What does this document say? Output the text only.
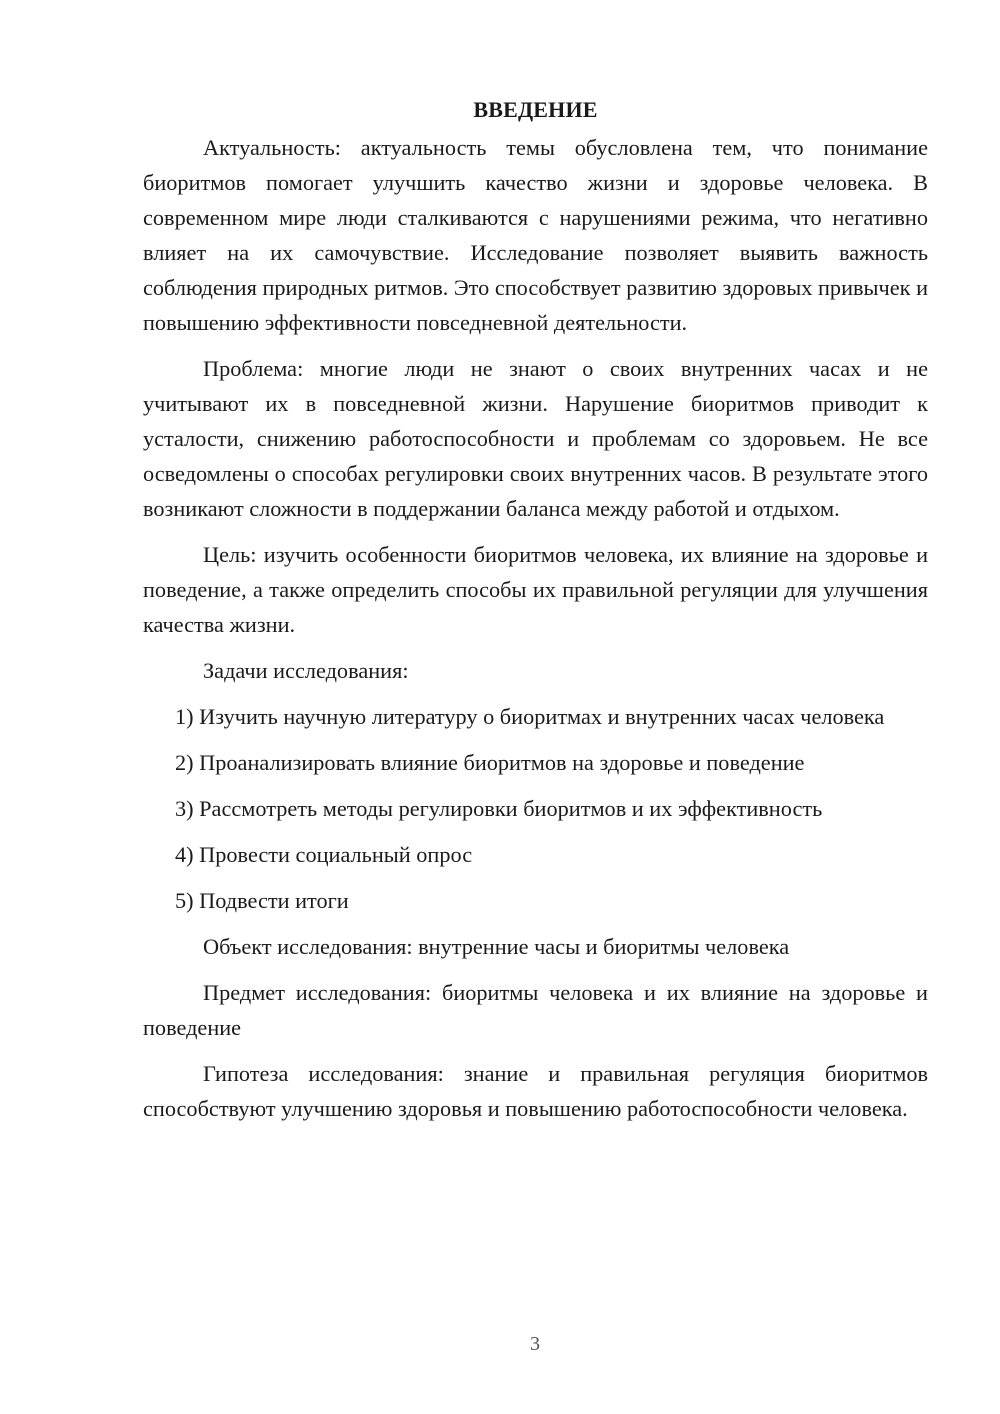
ВВЕДЕНИЕ

Актуальность: актуальность темы обусловлена тем, что понимание биоритмов помогает улучшить качество жизни и здоровье человека. В современном мире люди сталкиваются с нарушениями режима, что негативно влияет на их самочувствие. Исследование позволяет выявить важность соблюдения природных ритмов. Это способствует развитию здоровых привычек и повышению эффективности повседневной деятельности.

Проблема: многие люди не знают о своих внутренних часах и не учитывают их в повседневной жизни. Нарушение биоритмов приводит к усталости, снижению работоспособности и проблемам со здоровьем. Не все осведомлены о способах регулировки своих внутренних часов. В результате этого возникают сложности в поддержании баланса между работой и отдыхом.

Цель: изучить особенности биоритмов человека, их влияние на здоровье и поведение, а также определить способы их правильной регуляции для улучшения качества жизни.

Задачи исследования:

1) Изучить научную литературу о биоритмах и внутренних часах человека

2) Проанализировать влияние биоритмов на здоровье и поведение

3) Рассмотреть методы регулировки биоритмов и их эффективность

4) Провести социальный опрос

5) Подвести итоги

Объект исследования: внутренние часы и биоритмы человека

Предмет исследования: биоритмы человека и их влияние на здоровье и поведение

Гипотеза исследования: знание и правильная регуляция биоритмов способствуют улучшению здоровья и повышению работоспособности человека.

3
